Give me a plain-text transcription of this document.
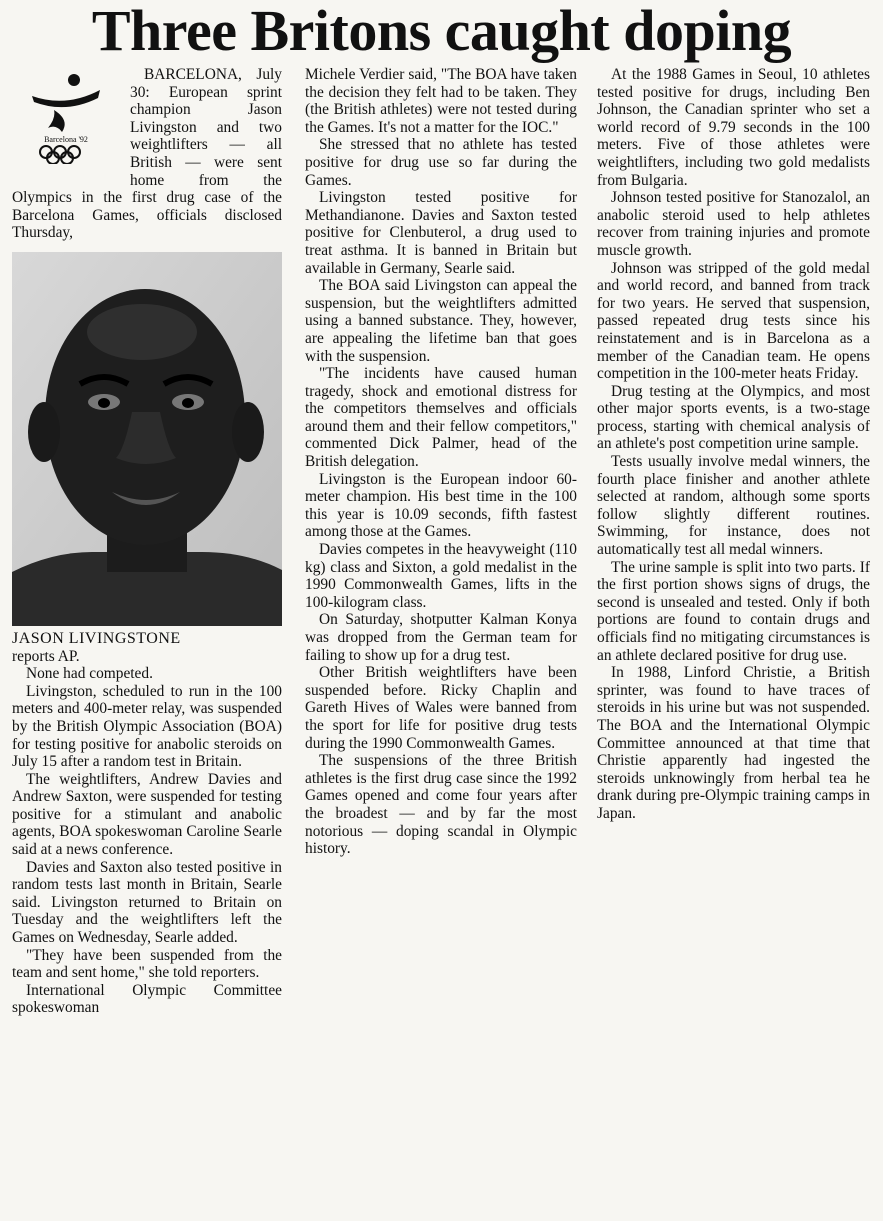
Three Britons caught doping
Barcelona '92

BARCELONA, July 30: European sprint champion Jason Livingston and two weightlifters — all British — were sent home from the Olympics in the first drug case of the Barcelona Games, officials disclosed Thursday,

JASON LIVINGSTONE

reports AP.

None had competed.

Livingston, scheduled to run in the 100 meters and 400-meter relay, was suspended by the British Olympic Association (BOA) for testing positive for anabolic steroids on July 15 after a random test in Britain.

The weightlifters, Andrew Davies and Andrew Saxton, were suspended for testing positive for a stimulant and anabolic agents, BOA spokeswoman Caroline Searle said at a news conference.

Davies and Saxton also tested positive in random tests last month in Britain, Searle said. Livingston returned to Britain on Tuesday and the weightlifters left the Games on Wednesday, Searle added.

"They have been suspended from the team and sent home," she told reporters.

International Olympic Committee spokeswoman

Michele Verdier said, "The BOA have taken the decision they felt had to be taken. They (the British athletes) were not tested during the Games. It's not a matter for the IOC."

She stressed that no athlete has tested positive for drug use so far during the Games.

Livingston tested positive for Methandianone. Davies and Saxton tested positive for Clenbuterol, a drug used to treat asthma. It is banned in Britain but available in Germany, Searle said.

The BOA said Livingston can appeal the suspension, but the weightlifters admitted using a banned substance. They, however, are appealing the lifetime ban that goes with the suspension.

"The incidents have caused human tragedy, shock and emotional distress for the competitors themselves and officials around them and their fellow competitors," commented Dick Palmer, head of the British delegation.

Livingston is the European indoor 60-meter champion. His best time in the 100 this year is 10.09 seconds, fifth fastest among those at the Games.

Davies competes in the heavyweight (110 kg) class and Sixton, a gold medalist in the 1990 Commonwealth Games, lifts in the 100-kilogram class.

On Saturday, shotputter Kalman Konya was dropped from the German team for failing to show up for a drug test.

Other British weightlifters have been suspended before. Ricky Chaplin and Gareth Hives of Wales were banned from the sport for life for positive drug tests during the 1990 Commonwealth Games.

The suspensions of the three British athletes is the first drug case since the 1992 Games opened and come four years after the broadest — and by far the most notorious — doping scandal in Olympic history.

At the 1988 Games in Seoul, 10 athletes tested positive for drugs, including Ben Johnson, the Canadian sprinter who set a world record of 9.79 seconds in the 100 meters. Five of those athletes were weightlifters, including two gold medalists from Bulgaria.

Johnson tested positive for Stanozalol, an anabolic steroid used to help athletes recover from training injuries and promote muscle growth.

Johnson was stripped of the gold medal and world record, and banned from track for two years. He served that suspension, passed repeated drug tests since his reinstatement and is in Barcelona as a member of the Canadian team. He opens competition in the 100-meter heats Friday.

Drug testing at the Olympics, and most other major sports events, is a two-stage process, starting with chemical analysis of an athlete's post competition urine sample.

Tests usually involve medal winners, the fourth place finisher and another athlete selected at random, although some sports follow slightly different routines. Swimming, for instance, does not automatically test all medal winners.

The urine sample is split into two parts. If the first portion shows signs of drugs, the second is unsealed and tested. Only if both portions are found to contain drugs and officials find no mitigating circumstances is an athlete declared positive for drug use.

In 1988, Linford Christie, a British sprinter, was found to have traces of steroids in his urine but was not suspended. The BOA and the International Olympic Committee announced at that time that Christie apparently had ingested the steroids unknowingly from herbal tea he drank during pre-Olympic training camps in Japan.
